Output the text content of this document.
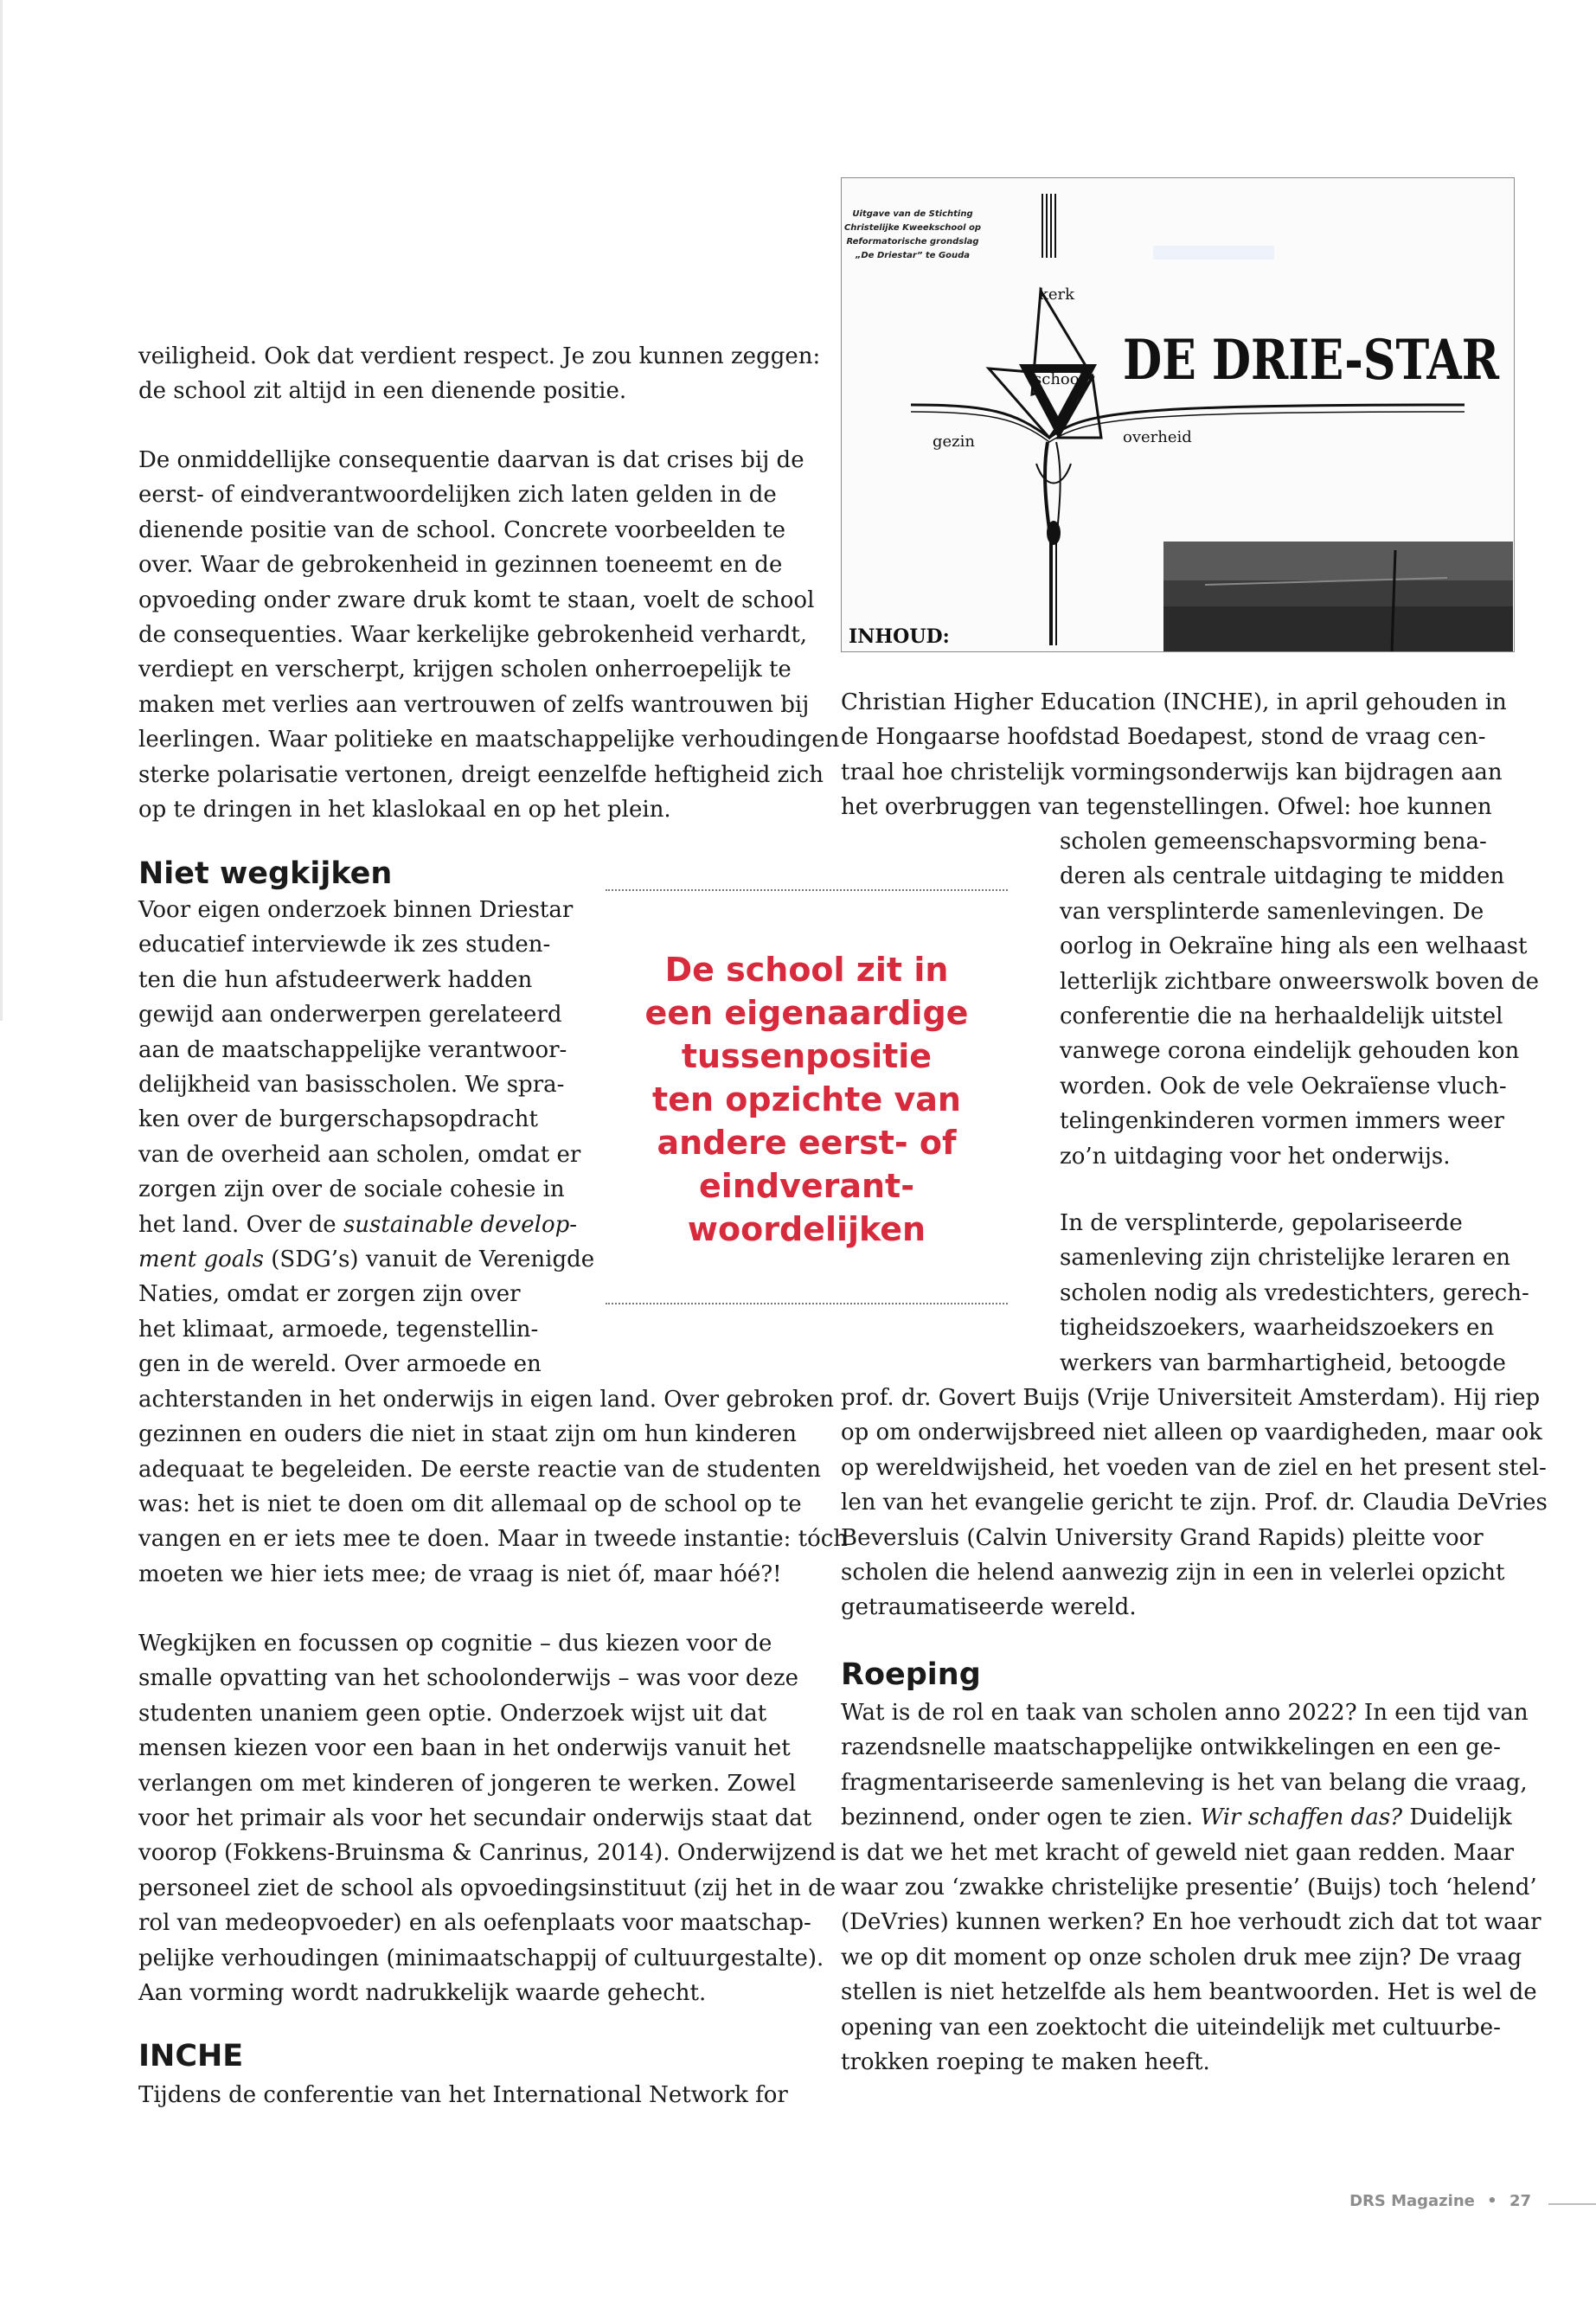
veiligheid. Ook dat verdient respect. Je zou kunnen zeggen:
de school zit altijd in een dienende positie.
De onmiddellijke consequentie daarvan is dat crises bij de
eerst- of eindverantwoordelijken zich laten gelden in de
dienende positie van de school. Concrete voorbeelden te
over. Waar de gebrokenheid in gezinnen toeneemt en de
opvoeding onder zware druk komt te staan, voelt de school
de consequenties. Waar kerkelijke gebrokenheid verhardt,
verdiept en verscherpt, krijgen scholen onherroepelijk te
maken met verlies aan vertrouwen of zelfs wantrouwen bij
leerlingen. Waar politieke en maatschappelijke verhoudingen
sterke polarisatie vertonen, dreigt eenzelfde heftigheid zich
op te dringen in het klaslokaal en op het plein.
Niet wegkijken
Voor eigen onderzoek binnen Driestar
educatief interviewde ik zes studen-
ten die hun afstudeerwerk hadden
gewijd aan onderwerpen gerelateerd
aan de maatschappelijke verantwoor-
delijkheid van basisscholen. We spra-
ken over de burgerschapsopdracht
van de overheid aan scholen, omdat er
zorgen zijn over de sociale cohesie in
het land. Over de sustainable develop-
ment goals (SDG’s) vanuit de Verenigde
Naties, omdat er zorgen zijn over
het klimaat, armoede, tegenstellin-
gen in de wereld. Over armoede en
achterstanden in het onderwijs in eigen land. Over gebroken
gezinnen en ouders die niet in staat zijn om hun kinderen
adequaat te begeleiden. De eerste reactie van de studenten
was: het is niet te doen om dit allemaal op de school op te
vangen en er iets mee te doen. Maar in tweede instantie: tóch
moeten we hier iets mee; de vraag is niet óf, maar hóé?!
Wegkijken en focussen op cognitie – dus kiezen voor de
smalle opvatting van het schoolonderwijs – was voor deze
studenten unaniem geen optie. Onderzoek wijst uit dat
mensen kiezen voor een baan in het onderwijs vanuit het
verlangen om met kinderen of jongeren te werken. Zowel
voor het primair als voor het secundair onderwijs staat dat
voorop (Fokkens-Bruinsma & Canrinus, 2014). Onderwijzend
personeel ziet de school als opvoedingsinstituut (zij het in de
rol van medeopvoeder) en als oefenplaats voor maatschap-
pelijke verhoudingen (minimaatschappij of cultuurgestalte).
Aan vorming wordt nadrukkelijk waarde gehecht.
INCHE
Tijdens de conferentie van het International Network for
De school zit in
een eigenaardige
tussenpositie
ten opzichte van
andere eerst- of
eindverant-
woordelijken
Uitgave van de Stichting
Christelijke Kweekschool op
Reformatorische grondslag
„De Driestar” te Gouda
kerk
school
gezin	overheid
DE DRIE-STAR
INHOUD:
Christian Higher Education (INCHE), in april gehouden in
de Hongaarse hoofdstad Boedapest, stond de vraag cen-
traal hoe christelijk vormingsonderwijs kan bijdragen aan
het overbruggen van tegenstellingen. Ofwel: hoe kunnen
scholen gemeenschapsvorming bena-
deren als centrale uitdaging te midden
van versplinterde samenlevingen. De
oorlog in Oekraïne hing als een welhaast
letterlijk zichtbare onweerswolk boven de
conferentie die na herhaaldelijk uitstel
vanwege corona eindelijk gehouden kon
worden. Ook de vele Oekraïense vluch-
telingenkinderen vormen immers weer
zo’n uitdaging voor het onderwijs.
In de versplinterde, gepolariseerde
samenleving zijn christelijke leraren en
scholen nodig als vredestichters, gerech-
tigheidszoekers, waarheidszoekers en
werkers van barmhartigheid, betoogde
prof. dr. Govert Buijs (Vrije Universiteit Amsterdam). Hij riep
op om onderwijsbreed niet alleen op vaardigheden, maar ook
op wereldwijsheid, het voeden van de ziel en het present stel-
len van het evangelie gericht te zijn. Prof. dr. Claudia DeVries
Beversluis (Calvin University Grand Rapids) pleitte voor
scholen die helend aanwezig zijn in een in velerlei opzicht
getraumatiseerde wereld.
Roeping
Wat is de rol en taak van scholen anno 2022? In een tijd van
razendsnelle maatschappelijke ontwikkelingen en een ge-
fragmentariseerde samenleving is het van belang die vraag,
bezinnend, onder ogen te zien. Wir schaffen das? Duidelijk
is dat we het met kracht of geweld niet gaan redden. Maar
waar zou ‘zwakke christelijke presentie’ (Buijs) toch ‘helend’
(DeVries) kunnen werken? En hoe verhoudt zich dat tot waar
we op dit moment op onze scholen druk mee zijn? De vraag
stellen is niet hetzelfde als hem beantwoorden. Het is wel de
opening van een zoektocht die uiteindelijk met cultuurbe-
trokken roeping te maken heeft.
DRS Magazine • 27
